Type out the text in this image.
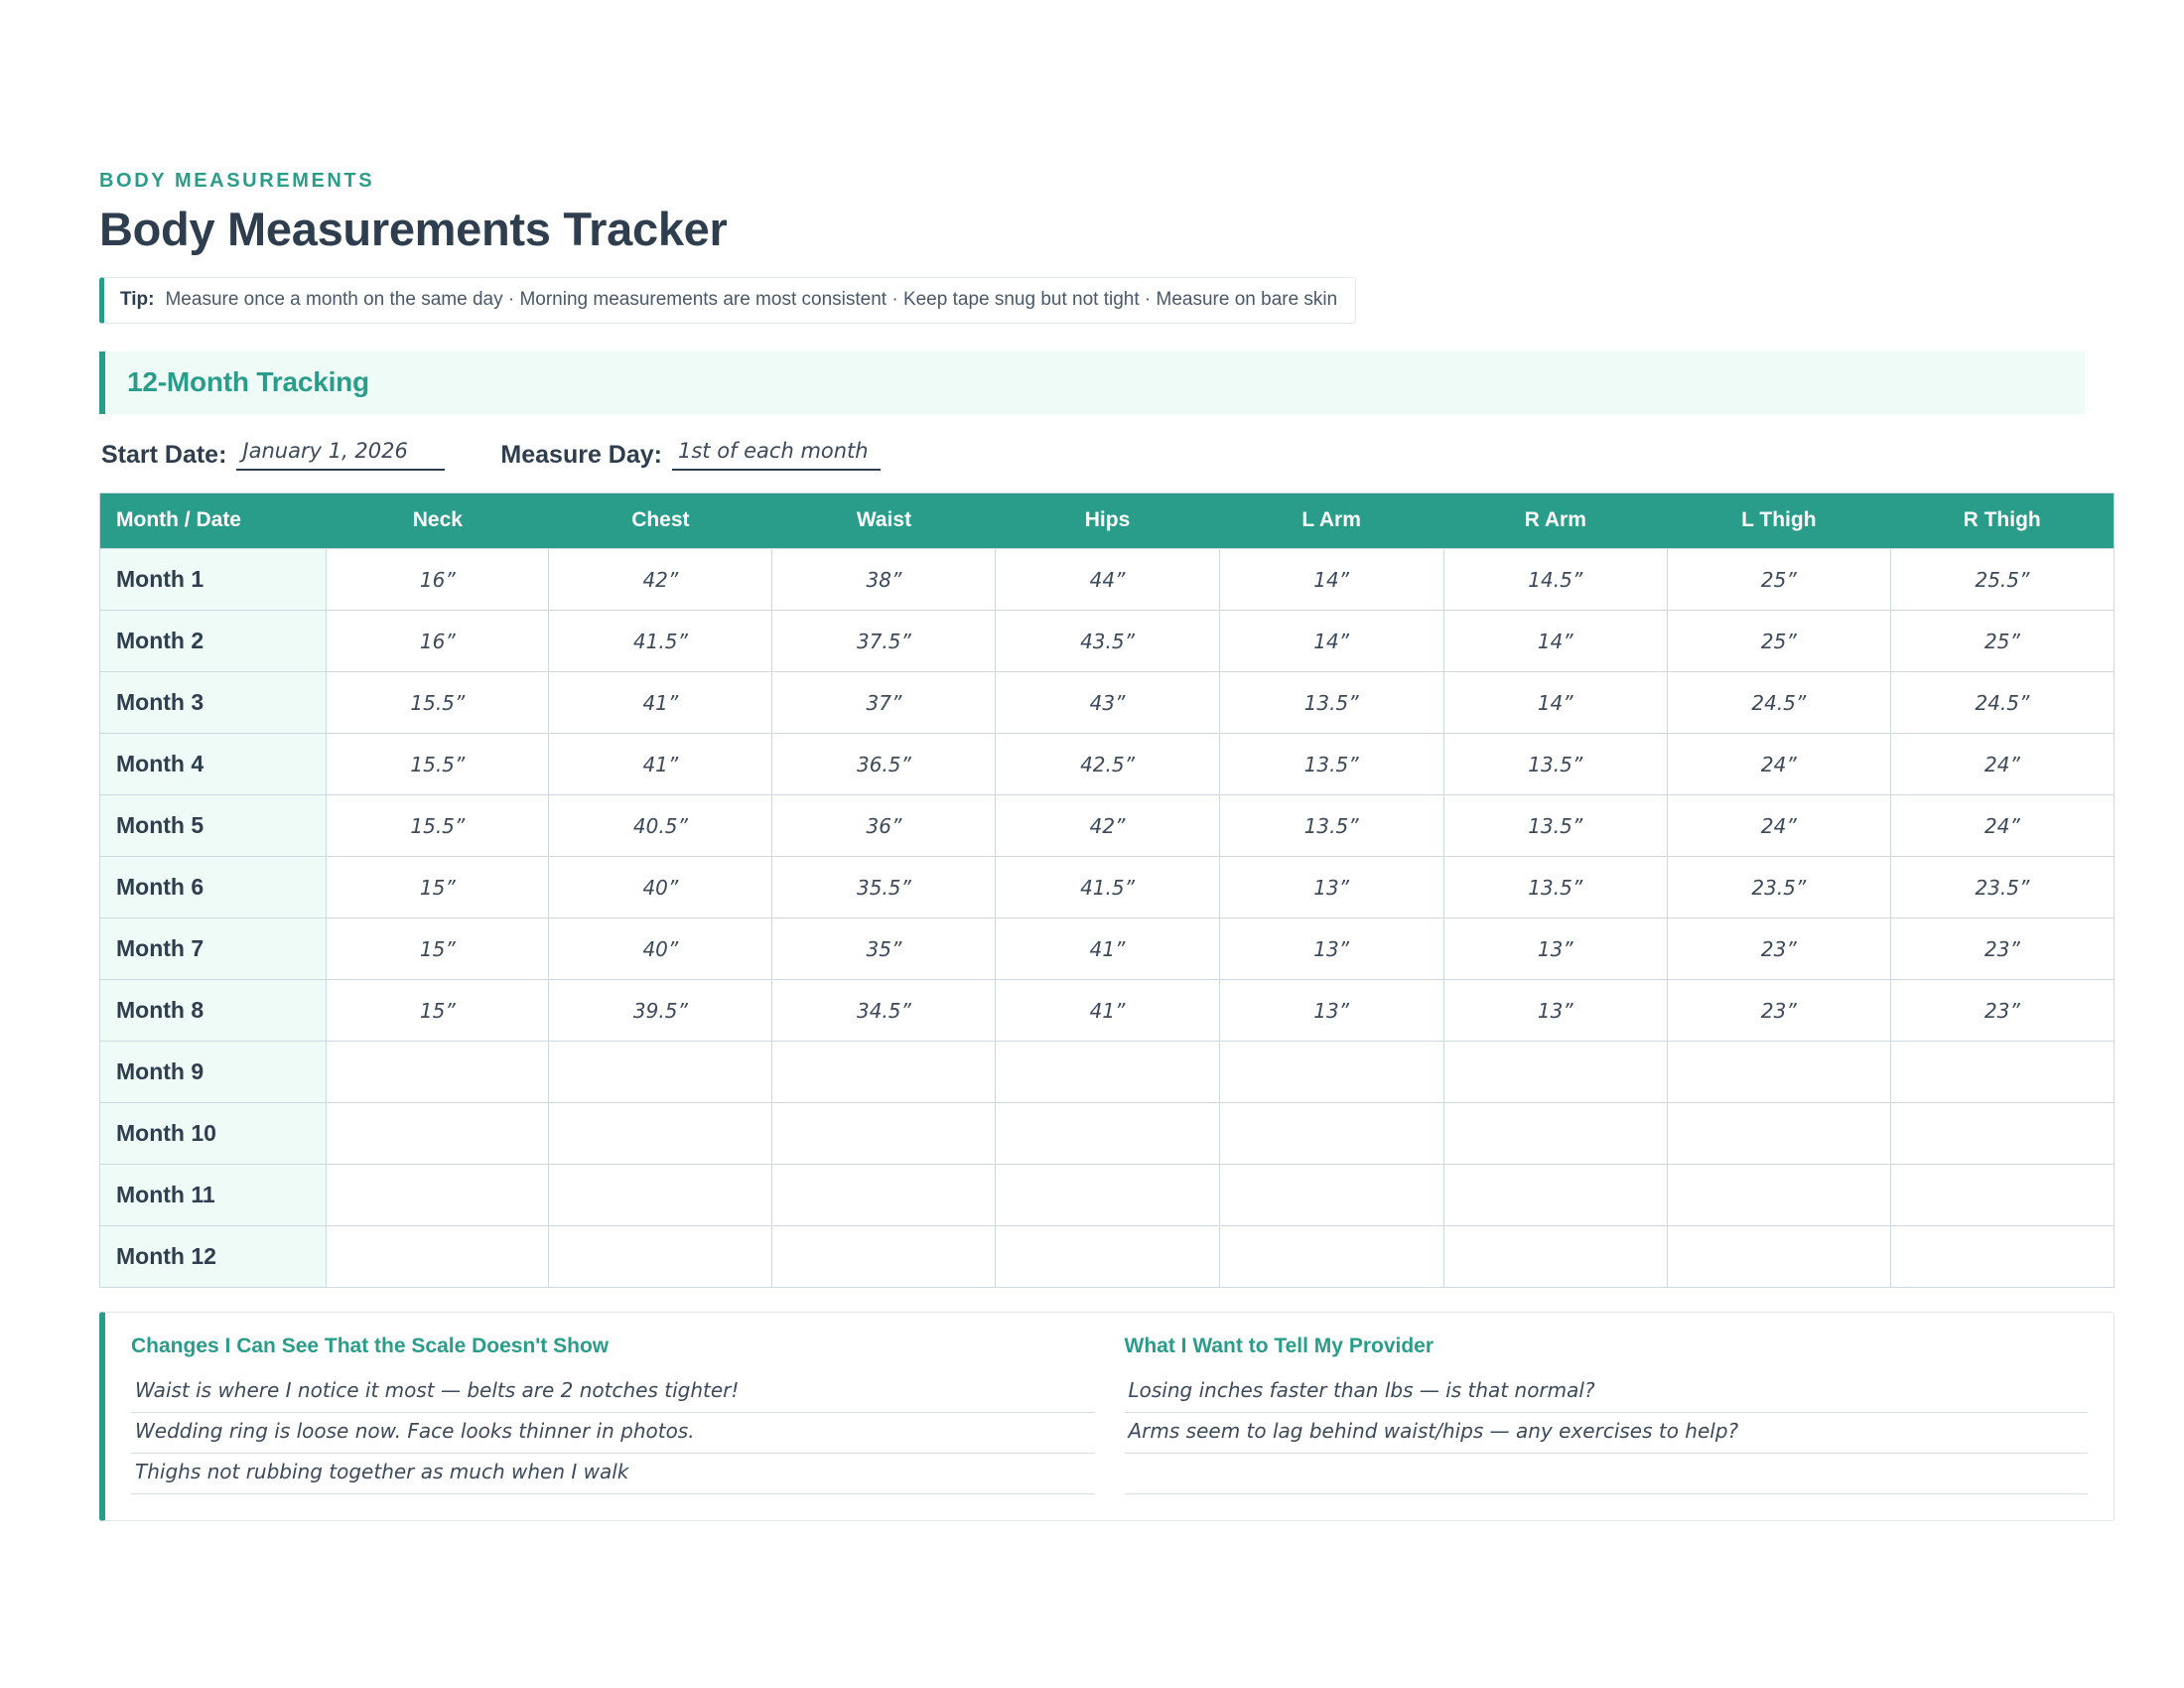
BODY MEASUREMENTS
Body Measurements Tracker
Tip: Measure once a month on the same day · Morning measurements are most consistent · Keep tape snug but not tight · Measure on bare skin
12-Month Tracking
Start Date: January 1, 2026	Measure Day: 1st of each month
Month / Date	Neck	Chest	Waist	Hips	L Arm	R Arm	L Thigh	R Thigh
Month 1	16”	42”	38”	44”	14”	14.5”	25”	25.5”
Month 2	16”	41.5”	37.5”	43.5”	14”	14”	25”	25”
Month 3	15.5”	41”	37”	43”	13.5”	14”	24.5”	24.5”
Month 4	15.5”	41”	36.5”	42.5”	13.5”	13.5”	24”	24”
Month 5	15.5”	40.5”	36”	42”	13.5”	13.5”	24”	24”
Month 6	15”	40”	35.5”	41.5”	13”	13.5”	23.5”	23.5”
Month 7	15”	40”	35”	41”	13”	13”	23”	23”
Month 8	15”	39.5”	34.5”	41”	13”	13”	23”	23”
Month 9								
Month 10								
Month 11								
Month 12								
Changes I Can See That the Scale Doesn't Show
Waist is where I notice it most — belts are 2 notches tighter!
Wedding ring is loose now. Face looks thinner in photos.
Thighs not rubbing together as much when I walk
What I Want to Tell My Provider
Losing inches faster than lbs — is that normal?
Arms seem to lag behind waist/hips — any exercises to help?
